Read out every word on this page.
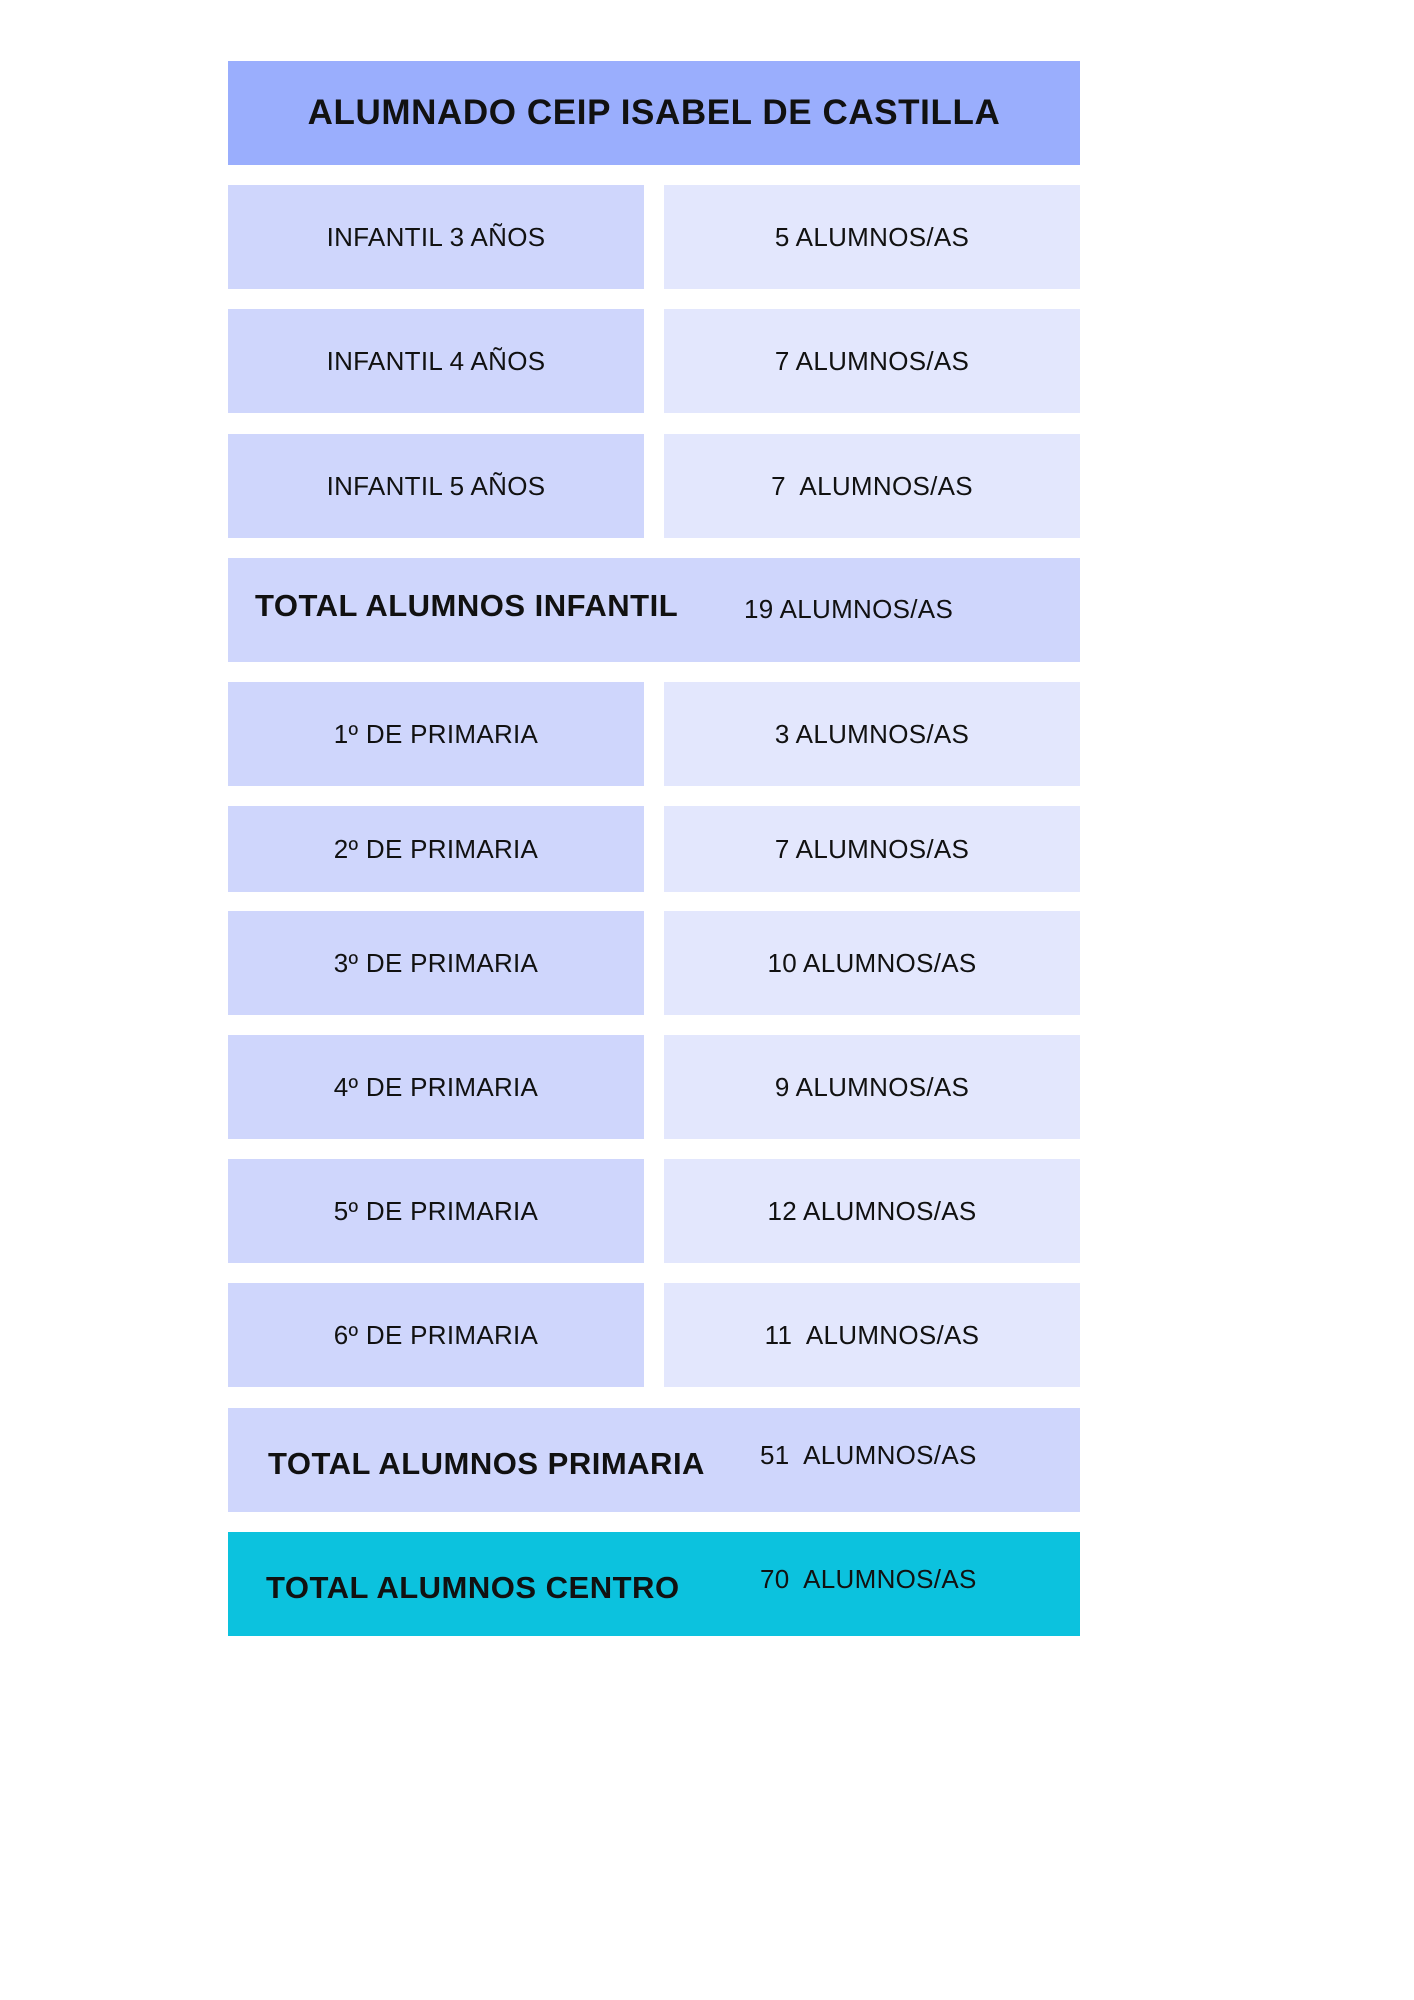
ALUMNADO CEIP ISABEL DE CASTILLA
INFANTIL 3 AÑOS	5 ALUMNOS/AS
INFANTIL 4 AÑOS	7 ALUMNOS/AS
INFANTIL 5 AÑOS	7  ALUMNOS/AS
TOTAL ALUMNOS INFANTIL	19 ALUMNOS/AS
1º DE PRIMARIA	3 ALUMNOS/AS
2º DE PRIMARIA	7 ALUMNOS/AS
3º DE PRIMARIA	10 ALUMNOS/AS
4º DE PRIMARIA	9 ALUMNOS/AS
5º DE PRIMARIA	12 ALUMNOS/AS
6º DE PRIMARIA	11  ALUMNOS/AS
TOTAL ALUMNOS PRIMARIA 51  ALUMNOS/AS
TOTAL ALUMNOS CENTRO	70  ALUMNOS/AS
